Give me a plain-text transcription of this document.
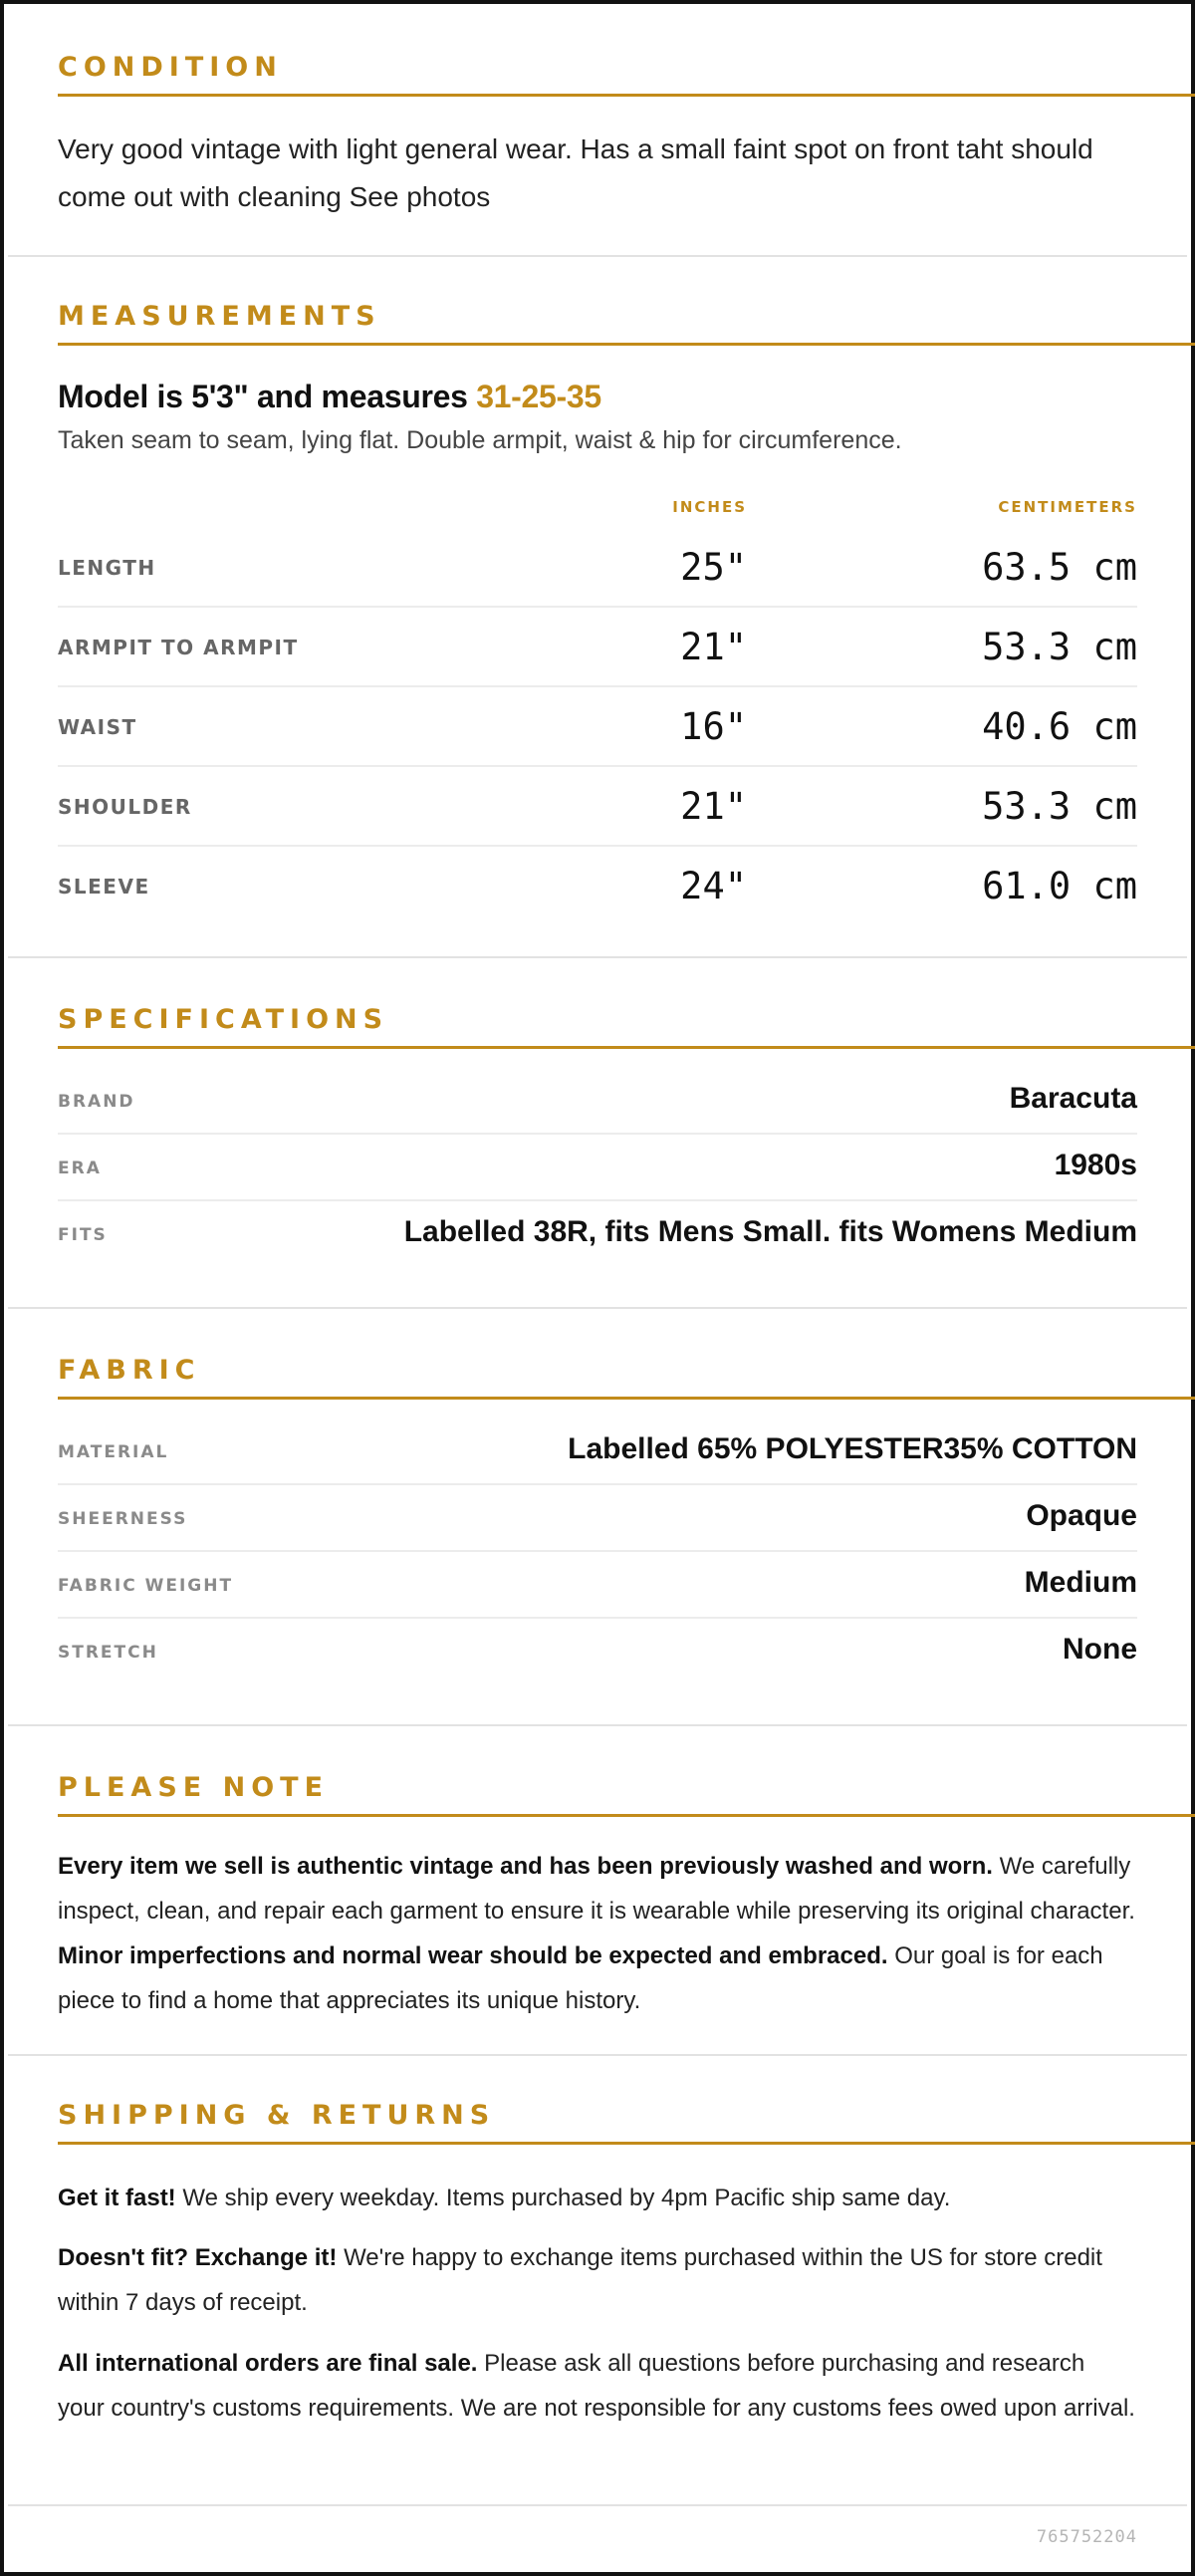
CONDITION
Very good vintage with light general wear. Has a small faint spot on front taht should come out with cleaning See photos
MEASUREMENTS
Model is 5'3" and measures 31-25-35
Taken seam to seam, lying flat. Double armpit, waist & hip for circumference.
INCHES	CENTIMETERS
LENGTH	25"	63.5 cm
ARMPIT TO ARMPIT	21"	53.3 cm
WAIST	16"	40.6 cm
SHOULDER	21"	53.3 cm
SLEEVE	24"	61.0 cm
SPECIFICATIONS
BRAND	Baracuta
ERA	1980s
FITS	Labelled 38R, fits Mens Small. fits Womens Medium
FABRIC
MATERIAL	Labelled 65% POLYESTER35% COTTON
SHEERNESS	Opaque
FABRIC WEIGHT	Medium
STRETCH	None
PLEASE NOTE
Every item we sell is authentic vintage and has been previously washed and worn. We carefully inspect, clean, and repair each garment to ensure it is wearable while preserving its original character. Minor imperfections and normal wear should be expected and embraced. Our goal is for each piece to find a home that appreciates its unique history.
SHIPPING & RETURNS
Get it fast! We ship every weekday. Items purchased by 4pm Pacific ship same day.
Doesn't fit? Exchange it! We're happy to exchange items purchased within the US for store credit within 7 days of receipt.
All international orders are final sale. Please ask all questions before purchasing and research your country's customs requirements. We are not responsible for any customs fees owed upon arrival.
765752204
